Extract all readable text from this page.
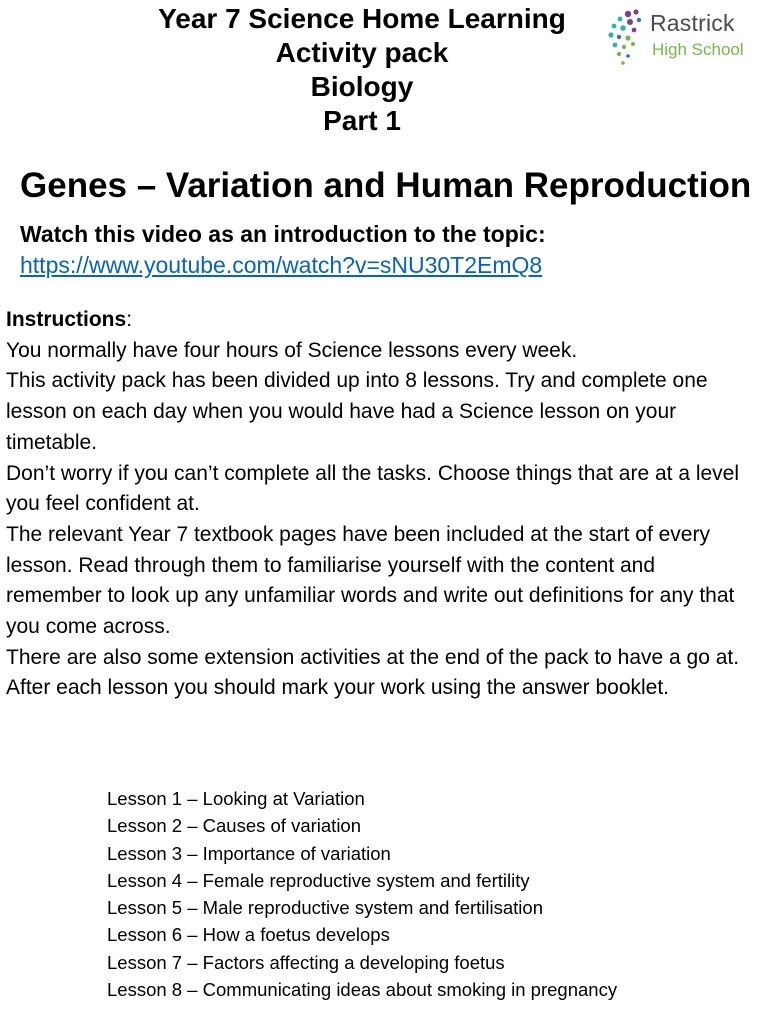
Year 7 Science Home Learning
Activity pack
Biology
Part 1
Rastrick
High School
Genes – Variation and Human Reproduction
Watch this video as an introduction to the topic:
https://www.youtube.com/watch?v=sNU30T2EmQ8
Instructions:
You normally have four hours of Science lessons every week.
This activity pack has been divided up into 8 lessons. Try and complete one lesson on each day when you would have had a Science lesson on your timetable.
Don’t worry if you can’t complete all the tasks. Choose things that are at a level you feel confident at.
The relevant Year 7 textbook pages have been included at the start of every lesson. Read through them to familiarise yourself with the content and remember to look up any unfamiliar words and write out definitions for any that you come across.
There are also some extension activities at the end of the pack to have a go at.
After each lesson you should mark your work using the answer booklet.
Lesson 1 – Looking at Variation
Lesson 2 – Causes of variation
Lesson 3 – Importance of variation
Lesson 4 – Female reproductive system and fertility
Lesson 5 – Male reproductive system and fertilisation
Lesson 6 – How a foetus develops
Lesson 7 – Factors affecting a developing foetus
Lesson 8 – Communicating ideas about smoking in pregnancy
